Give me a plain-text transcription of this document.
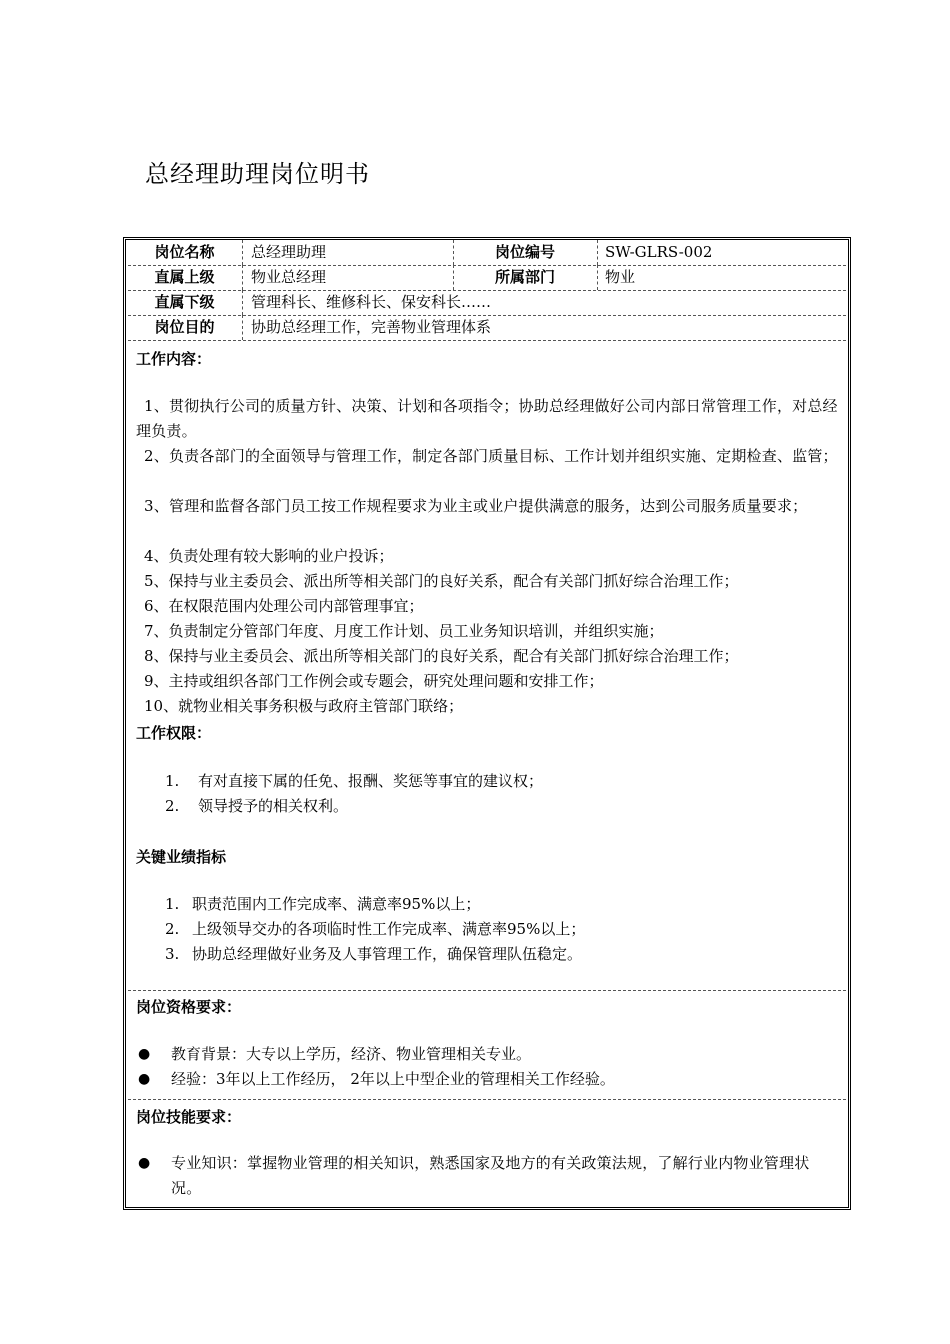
总经理助理岗位明书
岗位名称	总经理助理	岗位编号	SW-GLRS-002
直属上级	物业总经理	所属部门	物业
直属下级	管理科长、维修科长、保安科长……
岗位目的	协助总经理工作，完善物业管理体系
工作内容：
1、贯彻执行公司的质量方针、决策、计划和各项指令；协助总经理做好公司内部日常管理工作，对总经理负责。
2、负责各部门的全面领导与管理工作，制定各部门质量目标、工作计划并组织实施、定期检查、监管；
3、管理和监督各部门员工按工作规程要求为业主或业户提供满意的服务，达到公司服务质量要求；
4、负责处理有较大影响的业户投诉；
5、保持与业主委员会、派出所等相关部门的良好关系，配合有关部门抓好综合治理工作；
6、在权限范围内处理公司内部管理事宜；
7、负责制定分管部门年度、月度工作计划、员工业务知识培训，并组织实施；
8、保持与业主委员会、派出所等相关部门的良好关系，配合有关部门抓好综合治理工作；
9、主持或组织各部门工作例会或专题会，研究处理问题和安排工作；
10、就物业相关事务积极与政府主管部门联络；
工作权限：
1. 有对直接下属的任免、报酬、奖惩等事宜的建议权；
2. 领导授予的相关权利。
关键业绩指标
1. 职责范围内工作完成率、满意率95%以上；
2. 上级领导交办的各项临时性工作完成率、满意率95%以上；
3. 协助总经理做好业务及人事管理工作，确保管理队伍稳定。
岗位资格要求：
● 教育背景：大专以上学历，经济、物业管理相关专业。
● 经验：3年以上工作经历， 2年以上中型企业的管理相关工作经验。
岗位技能要求：
● 专业知识：掌握物业管理的相关知识，熟悉国家及地方的有关政策法规，了解行业内物业管理状况。
